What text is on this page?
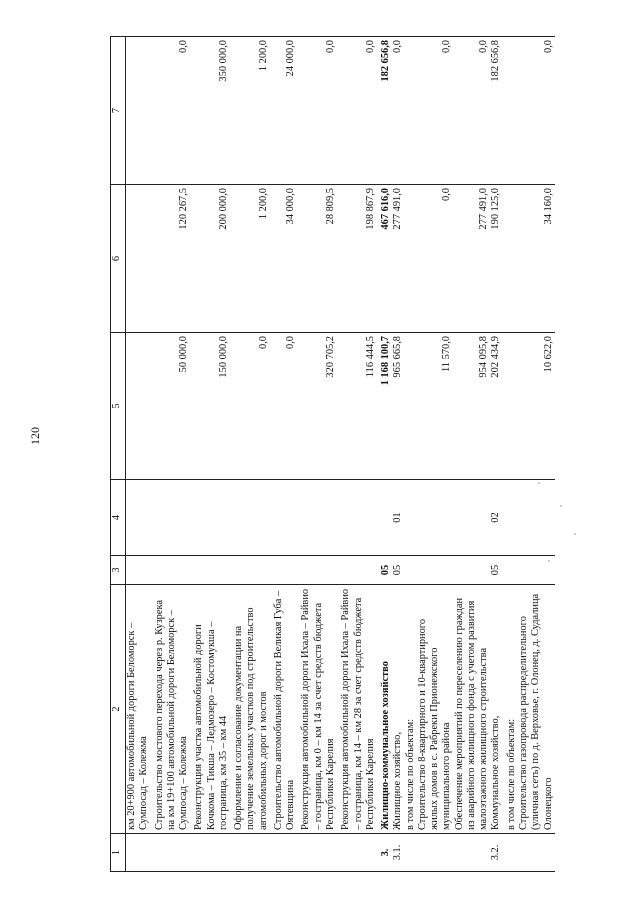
120
1	2	3	4	5	6	7
	км 20+900 автомобильной дороги Беломорск – Сумпосад – Колежма					
	Строительство мостового перехода через р. Кузрека на км 19+100 автомобильной дороги Беломорск – Сумпосад – Колежма			50 000,0	120 267,5	0,0
	Реконструкция участка автомобильной дороги Кочкома – Тикша – Ледмозеро – Костомукша – госграница, км 35 – км 44			150 000,0	200 000,0	350 000,0
	Оформление и согласование документации на получение земельных участков под строительство автомобильных дорог и мостов			0,0	1 200,0	1 200,0
	Строительство автомобильной дороги Великая Губа – Оятевщина			0,0	34 000,0	24 000,0
	Реконструкция автомобильной дороги Ихала – Райвио – госграница, км 0 – км 14 за счет средств бюджета Республики Карелия			320 705,2	28 809,5	0,0
	Реконструкция автомобильной дороги Ихала – Райвио – госграница, км 14 – км 28 за счет средств бюджета Республики Карелия			116 444,5	198 867,9	0,0
3.	Жилищно-коммунальное хозяйство	05		1 168 100,7	467 616,0	182 656,8
3.1.	Жилищное хозяйство,	05	01	965 665,8	277 491,0	0,0
	в том числе по объектам:					
	Строительство 8-квартирного и 10-квартирного жилых домов в с. Рабреки Прионежского муниципального района			11 570,0	0,0	0,0
	Обеспечение мероприятий по переселению граждан из аварийного жилищного фонда с учетом развития малоэтажного жилищного строительства			954 095,8	277 491,0	0,0
3.2.	Коммунальное хозяйство,	05	02	202 434,9	190 125,0	182 656,8
	в том числе по объектам:					
	Строительство газопровода распределительного (уличная сеть) по д. Верховье, г. Олонец, д. Судалица Олонецкого			10 622,0	34 160,0	0,0
